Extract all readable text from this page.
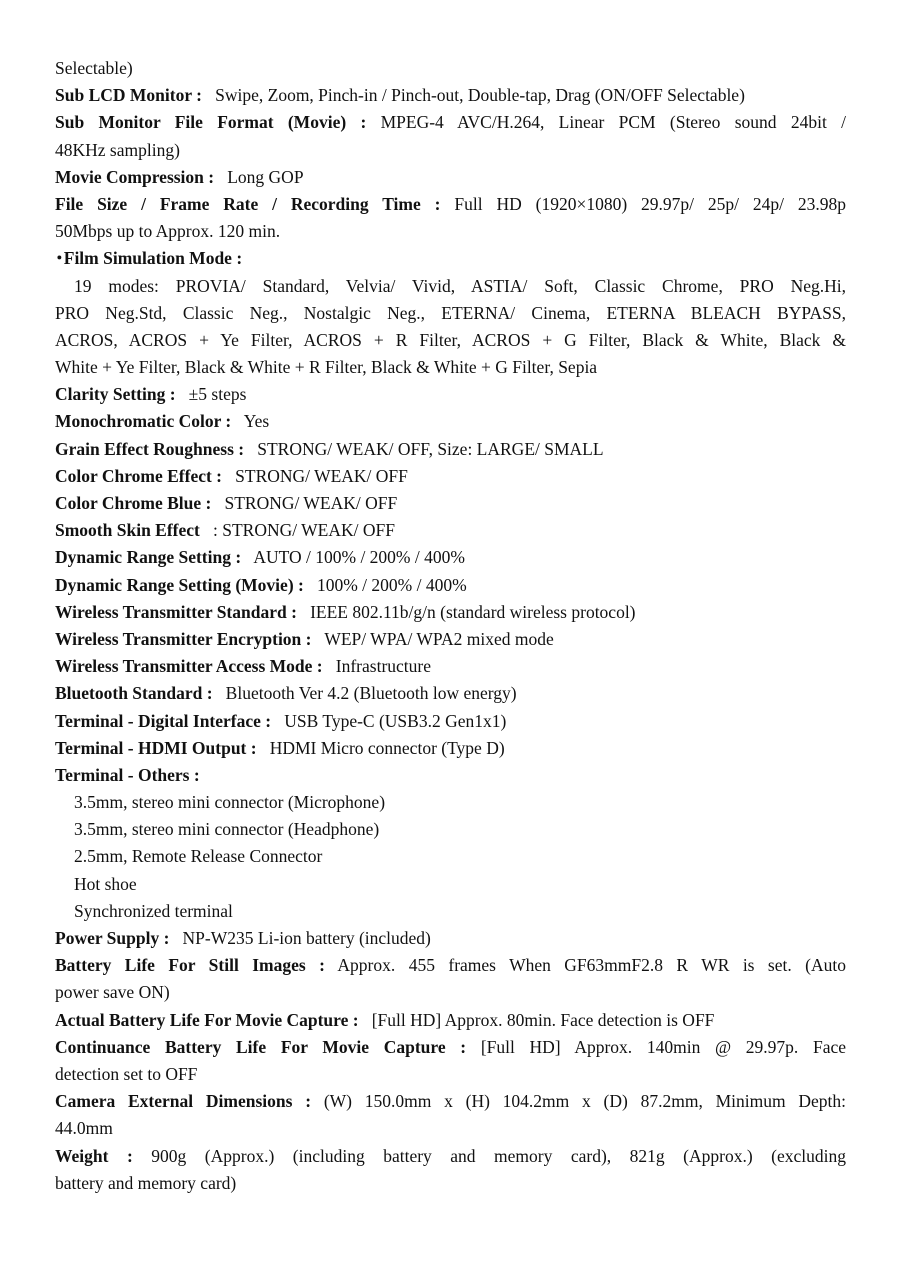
Selectable)
Sub LCD Monitor : Swipe, Zoom, Pinch-in / Pinch-out, Double-tap, Drag (ON/OFF Selectable)
Sub Monitor File Format (Movie) : MPEG-4 AVC/H.264, Linear PCM (Stereo sound 24bit /
48KHz sampling)
Movie Compression : Long GOP
File Size / Frame Rate / Recording Time : Full HD (1920×1080) 29.97p/ 25p/ 24p/ 23.98p
50Mbps up to Approx. 120 min.
･Film Simulation Mode :
19 modes: PROVIA/ Standard, Velvia/ Vivid, ASTIA/ Soft, Classic Chrome, PRO Neg.Hi,
PRO Neg.Std, Classic Neg., Nostalgic Neg., ETERNA/ Cinema, ETERNA BLEACH BYPASS,
ACROS, ACROS + Ye Filter, ACROS + R Filter, ACROS + G Filter, Black & White, Black &
White + Ye Filter, Black & White + R Filter, Black & White + G Filter, Sepia
Clarity Setting : ±5 steps
Monochromatic Color : Yes
Grain Effect Roughness : STRONG/ WEAK/ OFF, Size: LARGE/ SMALL
Color Chrome Effect : STRONG/ WEAK/ OFF
Color Chrome Blue : STRONG/ WEAK/ OFF
Smooth Skin Effect : STRONG/ WEAK/ OFF
Dynamic Range Setting : AUTO / 100% / 200% / 400%
Dynamic Range Setting (Movie) : 100% / 200% / 400%
Wireless Transmitter Standard : IEEE 802.11b/g/n (standard wireless protocol)
Wireless Transmitter Encryption : WEP/ WPA/ WPA2 mixed mode
Wireless Transmitter Access Mode : Infrastructure
Bluetooth Standard : Bluetooth Ver 4.2 (Bluetooth low energy)
Terminal - Digital Interface : USB Type-C (USB3.2 Gen1x1)
Terminal - HDMI Output : HDMI Micro connector (Type D)
Terminal - Others :
3.5mm, stereo mini connector (Microphone)
3.5mm, stereo mini connector (Headphone)
2.5mm, Remote Release Connector
Hot shoe
Synchronized terminal
Power Supply : NP-W235 Li-ion battery (included)
Battery Life For Still Images : Approx. 455 frames When GF63mmF2.8 R WR is set. (Auto
power save ON)
Actual Battery Life For Movie Capture : [Full HD] Approx. 80min. Face detection is OFF
Continuance Battery Life For Movie Capture : [Full HD] Approx. 140min @ 29.97p. Face
detection set to OFF
Camera External Dimensions : (W) 150.0mm x (H) 104.2mm x (D) 87.2mm, Minimum Depth:
44.0mm
Weight : 900g (Approx.) (including battery and memory card), 821g (Approx.) (excluding
battery and memory card)
